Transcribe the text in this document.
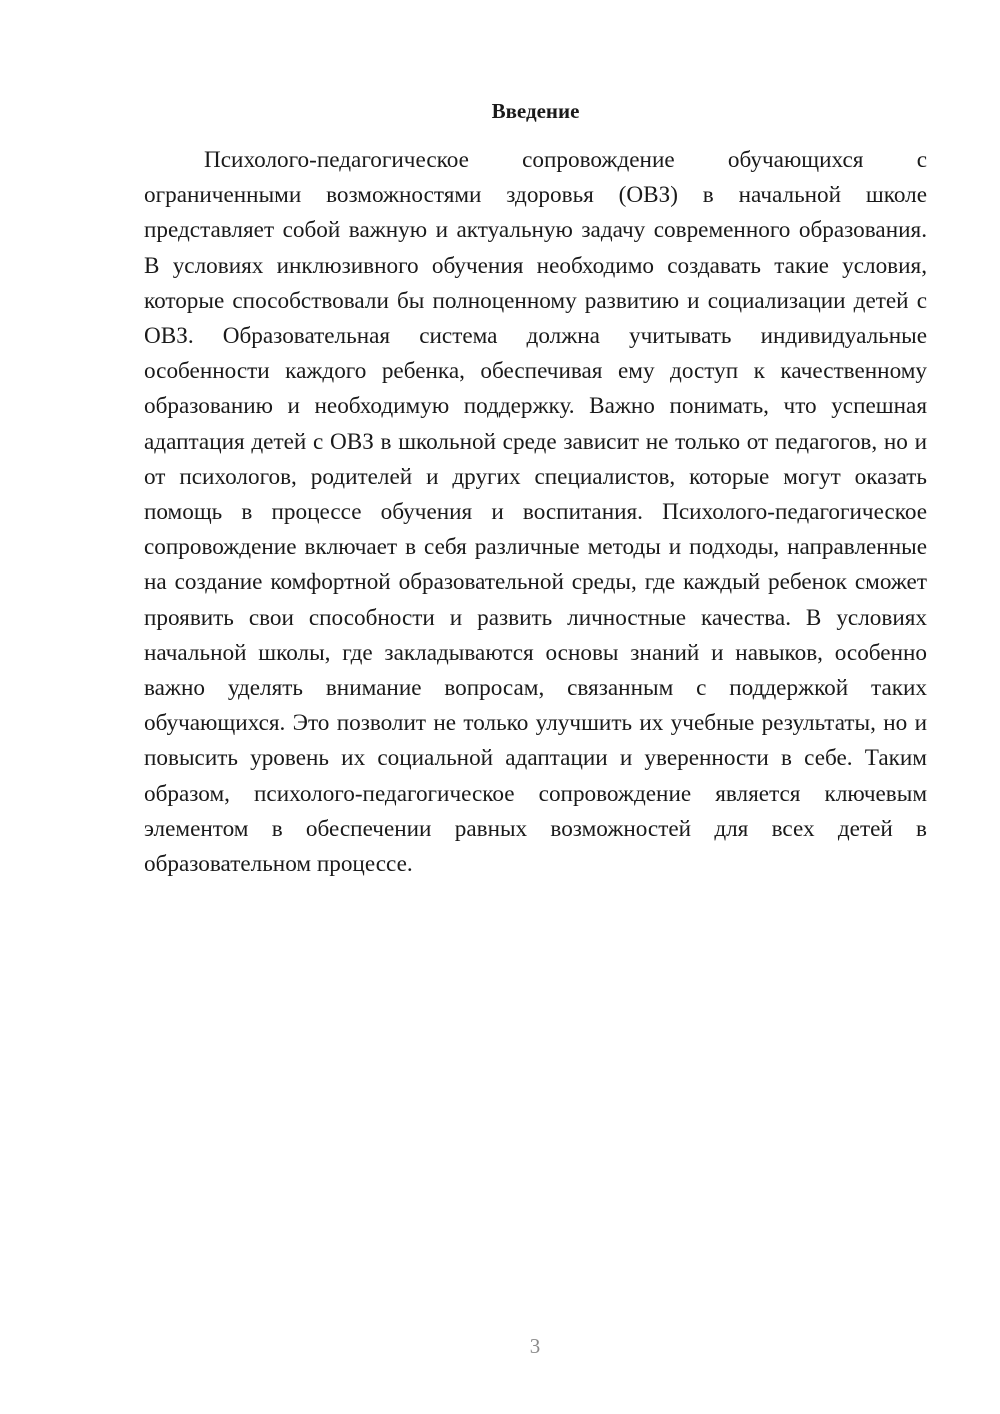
Введение

Психолого-педагогическое сопровождение обучающихся с ограниченными возможностями здоровья (ОВЗ) в начальной школе представляет собой важную и актуальную задачу современного образования. В условиях инклюзивного обучения необходимо создавать такие условия, которые способствовали бы полноценному развитию и социализации детей с ОВЗ. Образовательная система должна учитывать индивидуальные особенности каждого ребенка, обеспечивая ему доступ к качественному образованию и необходимую поддержку. Важно понимать, что успешная адаптация детей с ОВЗ в школьной среде зависит не только от педагогов, но и от психологов, родителей и других специалистов, которые могут оказать помощь в процессе обучения и воспитания. Психолого-педагогическое сопровождение включает в себя различные методы и подходы, направленные на создание комфортной образовательной среды, где каждый ребенок сможет проявить свои способности и развить личностные качества. В условиях начальной школы, где закладываются основы знаний и навыков, особенно важно уделять внимание вопросам, связанным с поддержкой таких обучающихся. Это позволит не только улучшить их учебные результаты, но и повысить уровень их социальной адаптации и уверенности в себе. Таким образом, психолого-педагогическое сопровождение является ключевым элементом в обеспечении равных возможностей для всех детей в образовательном процессе.

3
